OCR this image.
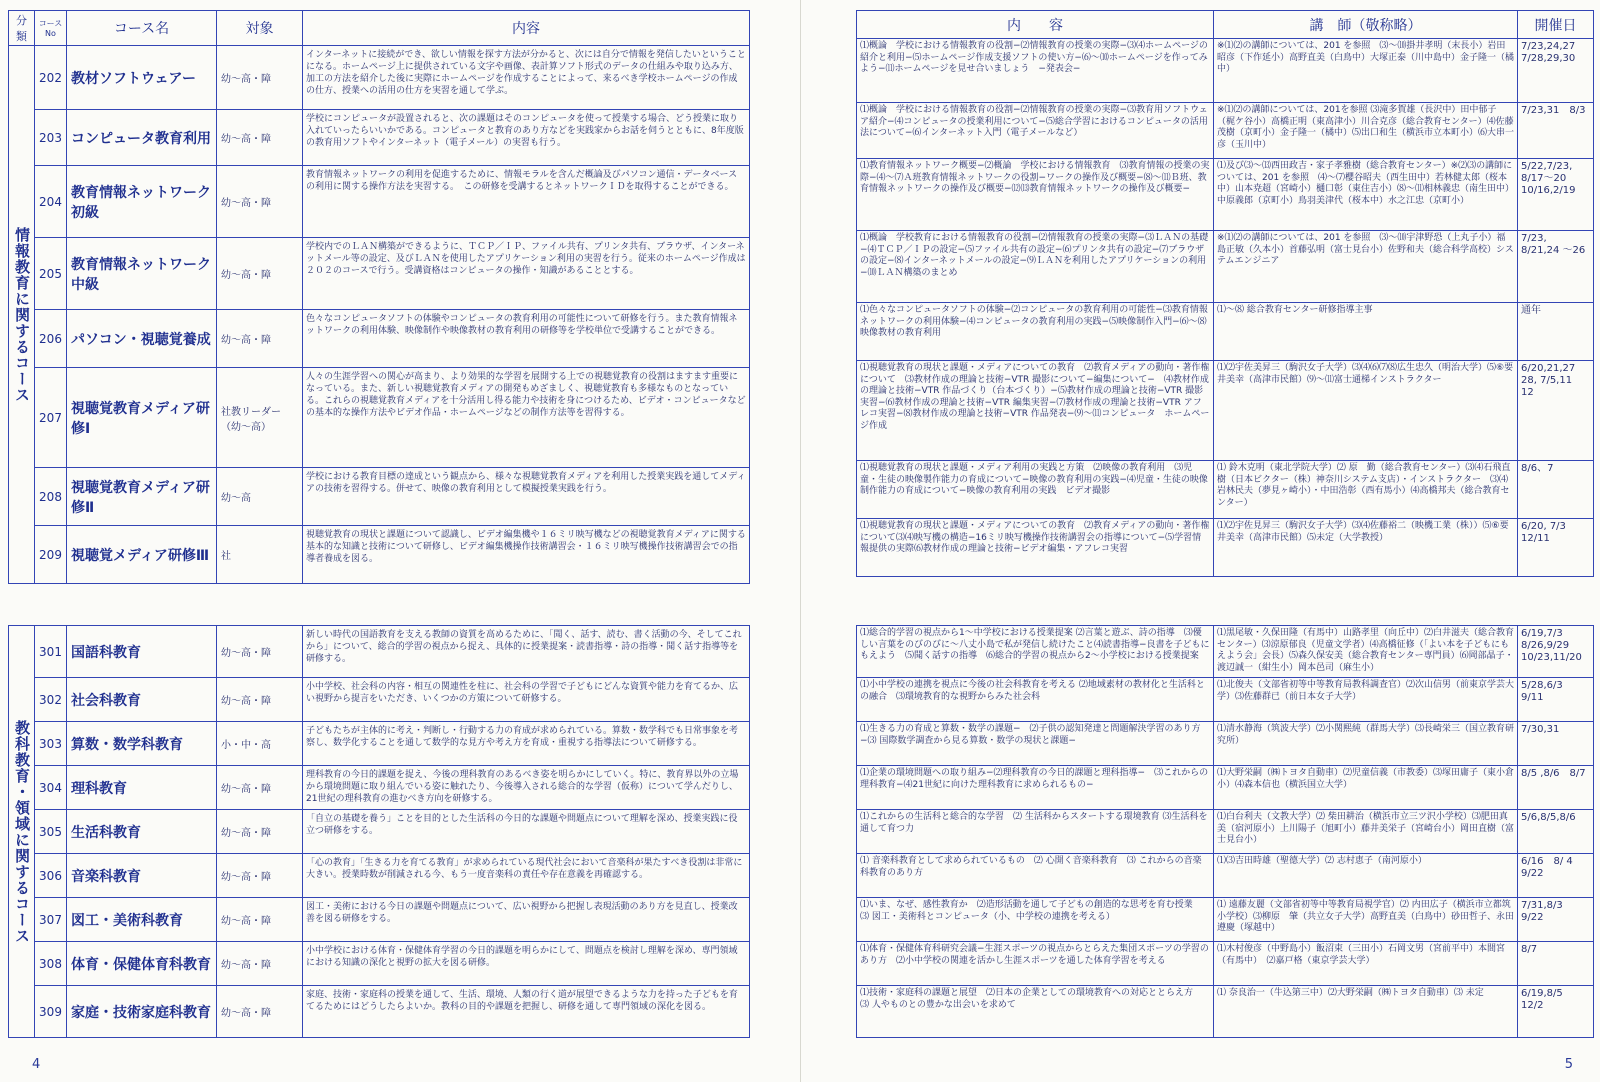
分類	コースNo	コース名	対象	内容

情報教育に関するコース	202	教材ソフトウェアー	幼〜高・障	インターネットに接続ができ、欲しい情報を探す方法が分かると、次には自分で情報を発信したいということになる。ホームページ上に提供されている文字や画像、表計算ソフト形式のデータの仕組みや取り込み方、加工の方法を紹介した後に実際にホームページを作成することによって、来るべき学校ホームページの作成の仕方、授業への活用の仕方を実習を通して学ぶ。
	203	コンピュータ教育利用	幼〜高・障	学校にコンピュータが設置されると、次の課題はそのコンピュータを使って授業する場合、どう授業に取り入れていったらいいかである。コンピュータと教育のあり方などを実践家からお話を伺うとともに、8年度版の教育用ソフトやインターネット（電子メール）の実習も行う。
	204	教育情報ネットワーク初級	幼〜高・障	教育情報ネットワークの利用を促進するために、情報モラルを含んだ概論及びパソコン通信・データベースの利用に関する操作方法を実習する。　この研修を受講するとネットワークＩＤを取得することができる。
	205	教育情報ネットワーク中級	幼〜高・障	学校内でのＬＡＮ構築ができるように、ＴＣＰ／ＩＰ、ファイル共有、プリンタ共有、ブラウザ、インターネットメール等の設定、及びＬＡＮを使用したアプリケーション利用の実習を行う。従来のホームページ作成は２０２のコースで行う。受講資格はコンピュータの操作・知識があることとする。
	206	パソコン・視聴覚養成	幼〜高・障	色々なコンピュータソフトの体験やコンピュータの教育利用の可能性について研修を行う。また教育情報ネットワークの利用体験、映像制作や映像教材の教育利用の研修等を学校単位で受講することができる。
	207	視聴覚教育メディア研修Ⅰ	社教リーダー（幼〜高）	人々の生涯学習への関心が高まり、より効果的な学習を展開する上での視聴覚教育の役割はますます重要になっている。また、新しい視聴覚教育メディアの開発もめざましく、視聴覚教育も多様なものとなっている。これらの視聴覚教育メディアを十分活用し得る能力や技術を身につけるため、ビデオ・コンピュータなどの基本的な操作方法やビデオ作品・ホームページなどの制作方法等を習得する。
	208	視聴覚教育メディア研修Ⅱ	幼〜高	学校における教育目標の達成という観点から、様々な視聴覚教育メディアを利用した授業実践を通してメディアの技術を習得する。併せて、映像の教育利用として模擬授業実践を行う。
	209	視聴覚メディア研修Ⅲ	社	視聴覚教育の現状と課題について認識し、ビデオ編集機や１６ミリ映写機などの視聴覚教育メディアに関する基本的な知識と技術について研修し、ビデオ編集機操作技術講習会・１６ミリ映写機操作技術講習会での指導者養成を図る。
教科教育・領域に関するコース	301	国語科教育	幼〜高・障	新しい時代の国語教育を支える教師の資質を高めるために、「聞く、話す、読む、書く活動の今、そしてこれから」について、総合的学習の視点から捉え、具体的に授業提案・読書指導・詩の指導・聞く話す指導等を研修する。
	302	社会科教育	幼〜高・障	小中学校、社会科の内容・相互の関連性を柱に、社会科の学習で子どもにどんな資質や能力を育てるか、広い視野から提言をいただき、いくつかの方策について研修する。
	303	算数・数学科教育	小・中・高	子どもたちが主体的に考え・判断し・行動する力の育成が求められている。算数・数学科でも日常事象を考察し、数学化することを通して数学的な見方や考え方を育成・重視する指導法について研修する。
	304	理科教育	幼〜高・障	理科教育の今日的課題を捉え、今後の理科教育のあるべき姿を明らかにしていく。特に、教育界以外の立場から環境問題に取り組んでいる姿に触れたり、今後導入される総合的な学習（仮称）について学んだりし、21世紀の理科教育の進むべき方向を研修する。
	305	生活科教育	幼〜高・障	「自立の基礎を養う」ことを目的とした生活科の今日的な課題や問題点について理解を深め、授業実践に役立つ研修をする。
	306	音楽科教育	幼〜高・障	「心の教育」「生きる力を育てる教育」が求められている現代社会において音楽科が果たすべき役割は非常に大きい。授業時数が削減される今、もう一度音楽科の責任や存在意義を再確認する。
	307	図工・美術科教育	幼〜高・障	図工・美術における今日の課題や問題点について、広い視野から把握し表現活動のあり方を見直し、授業改善を図る研修をする。
	308	体育・保健体育科教育	幼〜高・障	小中学校における体育・保健体育学習の今日的課題を明らかにして、問題点を検討し理解を深め、専門領域における知識の深化と視野の拡大を図る研修。
	309	家庭・技術家庭科教育	幼〜高・障	家庭、技術・家庭科の授業を通して、生活、環境、人類の行く道が展望できるような力を持った子どもを育てるためにはどうしたらよいか。教科の目的や課題を把握し、研修を通して専門領域の深化を図る。
4
内　　容	講　師（敬称略）	開催日
⑴概論　学校における情報教育の役割−⑵情報教育の授業の実際−⑶⑷ホームページの紹介と利用−⑸ホームページ作成支援ソフトの使い方−⑹〜⑽ホームページを作ってみよう−⑾ホームページを見せ合いましょう　−発表会−	※⑴⑵の講師については、201 を参照　⑶〜⑽掛井孝明（末長小）岩田昭彦（下作延小）高野直美（白鳥中）大塚正泰（川中島中）金子隆一（橘中）	7/23,24,27　7/28,29,30
⑴概論　学校における情報教育の役割−⑵情報教育の授業の実際−⑶教育用ソフトウェア紹介−⑷コンピュータの授業利用について−⑸総合学習におけるコンピュータの活用法について−⑹インターネット入門（電子メールなど）	※⑴⑵の講師については、201を参照 ⑶滝多賀雄（長沢中）田中郁子（梶ケ谷小）高橋正明（東高津小）川合克彦（総合教育センター）⑷佐藤茂樹（京町小）金子隆一（橘中）⑸出口和生（横浜市立本町小）⑹大串一彦（玉川中）	7/23,31　8/3
⑴教育情報ネットワーク概要−⑵概論　学校における情報教育　⑶教育情報の授業の実際−⑷〜⑺Ａ班教育情報ネットワークの役割−ワークの操作及び概要−⑻〜⑾Ｂ班、教育情報ネットワークの操作及び概要−⑿⒀教育情報ネットワークの操作及び概要−	⑴及び⑶〜⒀西田政吉・家子孝雅樹（総合教育センター）※⑵⑶の講師については、201 を参照　⑷〜⑺櫻谷昭夫（西生田中）若林健太郎（桜本中）山本尭超（宮崎小）樋口彰（東住吉小）⑻〜⑾相林義忠（南生田中）中原義郎（京町小）鳥羽美津代（桜本中）水之江忠（京町小）	5/22,7/23,　8/17〜20　10/16,2/19
⑴概論　学校教育における情報教育の役割−⑵情報教育の授業の実際−⑶ＬＡＮの基礎−⑷ＴＣＰ／ＩＰの設定−⑸ファイル共有の設定−⑹プリンタ共有の設定−⑺ブラウザの設定−⑻インターネットメールの設定−⑼ＬＡＮを利用したアプリケーションの利用−⑽ＬＡＮ構築のまとめ	※⑴⑵の講師については、201 を参照　⑶〜⑽宇津野恐（上丸子小）福島正敏（久本小）首藤弘明（富士見台小）佐野和夫（総合科学高校）システムエンジニア	7/23,　8/21,24 〜26
⑴色々なコンピュータソフトの体験−⑵コンピュータの教育利用の可能性−⑶教育情報ネットワークの利用体験−⑷コンピュータの教育利用の実践−⑸映像制作入門−⑹〜⑻映像教材の教育利用	⑴〜⑻ 総合教育センター研修指導主事	通年
⑴視聴覚教育の現状と課題・メディアについての教育　⑵教育メディアの動向・著作権について　⑶教材作成の理論と技術−VTR 撮影について−編集について−　⑷教材作成の理論と技術−VTR 作品づくり（台本づくり）−⑸教材作成の理論と技術−VTR 撮影実習−⑹教材作成の理論と技術−VTR 編集実習−⑺教材作成の理論と技術−VTR アフレコ実習−⑻教材作成の理論と技術−VTR 作品発表−⑼〜⑾コンピュータ　ホームページ作成	⑴⑵宇佐美昇三（駒沢女子大学）⑶⑷⑹⑺⑻広生忠久（明治大学）⑸⑥要井美幸（高津市民館）⑼〜⑾富士通梯インストラクター	6/20,21,27　28, 7/5,11　12
⑴視聴覚教育の現状と課題・メディア利用の実践と方策　⑵映像の教育利用　⑶児童・生徒の映像製作能力の育成について−映像の教育利用の実践−⑷児童・生徒の映像制作能力の育成について−映像の教育利用の実践　ビデオ撮影	⑴ 鈴木克明（東北学院大学）⑵ 原　勤（総合教育センター）⑶⑷石飛直樹（日本ビクター（株）神奈川システム支店）・インストラクター　⑶⑷岩林民夫（夢見ヶ崎小）・中田浩彰（西有馬小）⑷高橋邦夫（総合教育センター）	8/6、7
⑴視聴覚教育の現状と課題・メディアについての教育　⑵教育メディアの動向・著作権について⑶⑷映写機の構造−16ミリ映写機操作技術講習会の指導について−⑸学習情報提供の実際⑹教材作成の理論と技術−ビデオ編集・アフレコ実習	⑴⑵宇佐見昇三（駒沢女子大学）⑶⑷佐藤裕二（映機工業（株））⑸⑥要井美幸（高津市民館）⑸未定（大学教授）	6/20, 7/3　12/11
⑴総合的学習の視点から1〜中学校における授業提案 ⑵言葉と遊ぶ、詩の指導　⑶優しい言葉をのびのびに〜八丈小島で私が発信し続けたこと⑷読書指導−良書を子どもにもえよう　⑸聞く話すの指導　⑹総合的学習の視点から2〜小学校における授業提案	⑴黒尾敏・久保田隆（有馬中）山路孝里（向丘中）⑵白井滋夫（総合教育センター）⑶涼原郁良（児童文学者）⑷高橋征修（「よい本を子どもにもえよう会」会長）⑸森久保安美（総合教育センター専門員）⑹岡部晶子・渡辺誠一（紺生小）岡本邑司（麻生小）	6/19,7/3　8/26,9/29　10/23,11/20
⑴小中学校の連携を視点に今後の社会科教育を考える ⑵地域素材の教材化と生活科との融合　⑶環境教育的な視野からみた社会科	⑴北俊夫（文部省初等中等教育局教科調査官）⑵次山信男（前東京学芸大学）⑶佐藤群已（前日本女子大学）	5/28,6/3　9/11
⑴生きる力の育成と算数・数学の課題−　⑵子供の認知発達と問題解決学習のあり方−⑶ 国際数学調査から見る算数・数学の現状と課題−	⑴清水静海（筑波大学）⑵小関熙純（群馬大学）⑶長崎栄三（国立教育研究所）	7/30,31
⑴企業の環境問題への取り組み−⑵理科教育の今日的課題と理科指導−　⑶これからの理科教育−⑷21世紀に向けた理科教育に求められるもの−	⑴大野栄嗣（㈱トヨタ自動車）⑵児童信義（市教委）⑶塚田庸子（東小倉小）⑷森本信也（横浜国立大学）	8/5 ,8/6　8/7
⑴これからの生活科と総合的な学習　⑵ 生活科からスタートする環境教育 ⑶生活科を通して育つ力	⑴白台利夫（文教大学）⑵ 柴田耕治（横浜市立三ツ沢小学校）⑶肥田真美（宿河原小）上川陽子（旭町小）藤井美栄子（宮崎台小）岡田直樹（富士見台小）	5/6,8/5,8/6
⑴ 音楽科教育として求められているもの　⑵ 心開く音楽科教育　⑶ これからの音楽科教育のあり方	⑴⑶吉田時雄（聖德大学）⑵ 志村恵子（南河原小）	6/16　8/ 4　9/22
⑴いま、なぜ、感性教育か　⑵造形活動を通して子どもの創造的な思考を育む授業　⑶ 図工・美術科とコンピュータ（小、中学校の連携を考える）	⑴ 遠藤友麗（文部省初等中等教育局視学官）⑵ 内田広子（横浜市立都筑小学校）⑶柳原　肇（共立女子大学）高野直美（白鳥中）砂田哲子、永田遵慶（塚越中）	7/31,8/3　9/22
⑴体育・保健体育科研究会議−生涯スポーツの視点からとらえた集団スポーツの学習のあり方　⑵小中学校の関連を活かし生涯スポーツを通した体育学習を考える	⑴木村俊彦（中野島小）飯沼束（三田小）石岡文男（宮前平中）本間宮（有馬中）　⑵嘉戸格（東京学芸大学）	8/7
⑴技術・家庭科の課題と展望　⑵日本の企業としての環境教育への対応ととらえ方　⑶ 人やものとの豊かな出会いを求めて	⑴ 奈良治一（牛込第三中）⑵大野栄嗣（㈱トヨタ自動車）⑶ 未定	6/19,8/5　12/2
5
